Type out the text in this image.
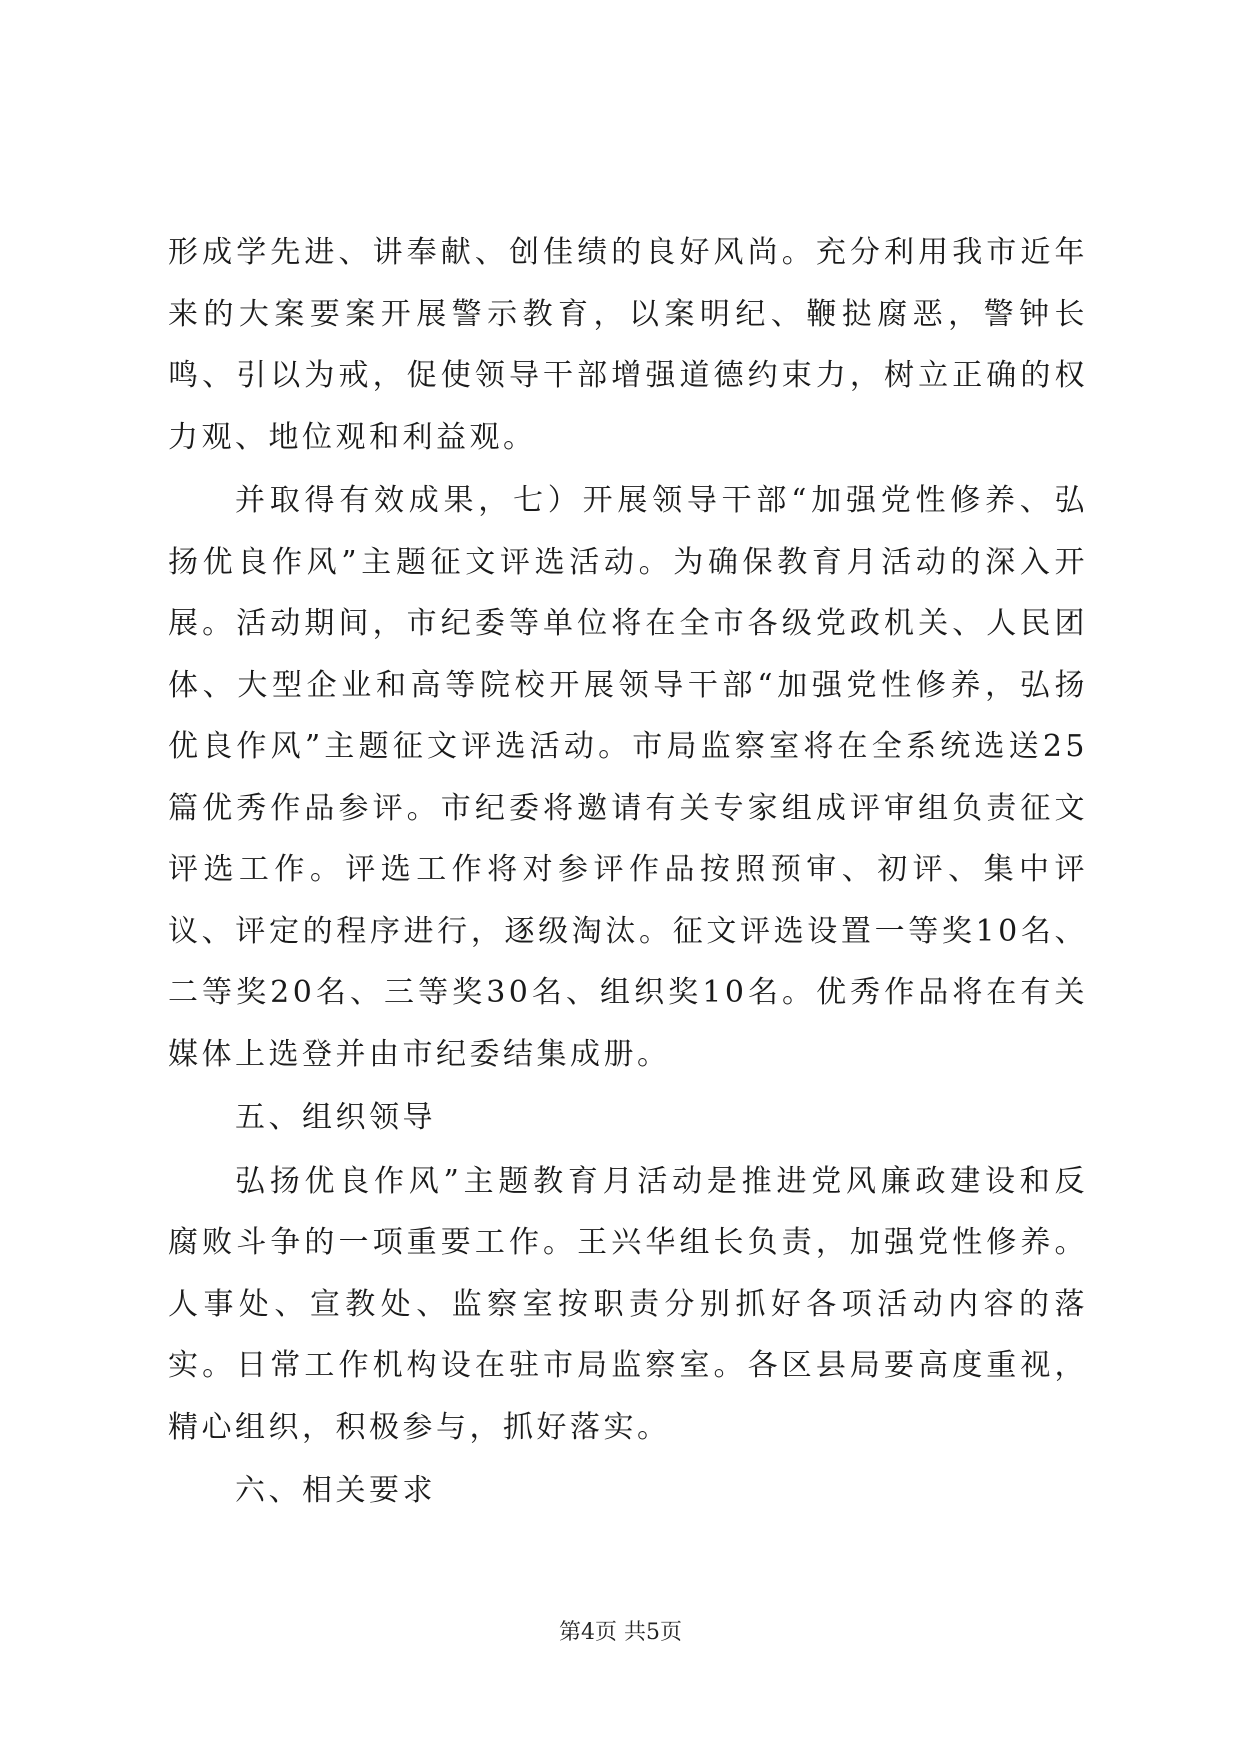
形成学先进、讲奉献、创佳绩的良好风尚。充分利用我市近年来的大案要案开展警示教育，以案明纪、鞭挞腐恶，警钟长鸣、引以为戒，促使领导干部增强道德约束力，树立正确的权力观、地位观和利益观。

并取得有效成果，七）开展领导干部“加强党性修养、弘扬优良作风”主题征文评选活动。为确保教育月活动的深入开展。活动期间，市纪委等单位将在全市各级党政机关、人民团体、大型企业和高等院校开展领导干部“加强党性修养，弘扬优良作风”主题征文评选活动。市局监察室将在全系统选送25篇优秀作品参评。市纪委将邀请有关专家组成评审组负责征文评选工作。评选工作将对参评作品按照预审、初评、集中评议、评定的程序进行，逐级淘汰。征文评选设置一等奖10名、二等奖20名、三等奖30名、组织奖10名。优秀作品将在有关媒体上选登并由市纪委结集成册。

五、组织领导

弘扬优良作风”主题教育月活动是推进党风廉政建设和反腐败斗争的一项重要工作。王兴华组长负责，加强党性修养。人事处、宣教处、监察室按职责分别抓好各项活动内容的落实。日常工作机构设在驻市局监察室。各区县局要高度重视，精心组织，积极参与，抓好落实。

六、相关要求

第4页 共5页
